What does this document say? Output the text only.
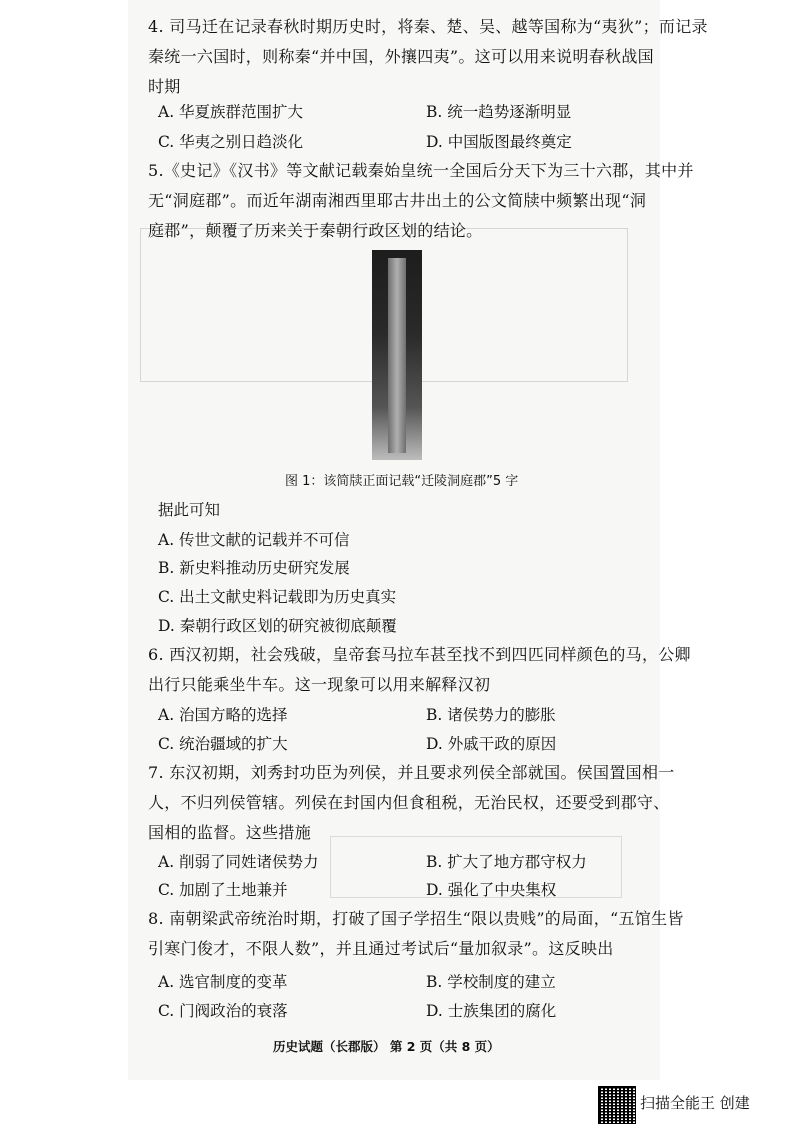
4. 司马迁在记录春秋时期历史时，将秦、楚、吴、越等国称为“夷狄”；而记录
秦统一六国时，则称秦“并中国，外攘四夷”。这可以用来说明春秋战国
时期
A. 华夏族群范围扩大	B. 统一趋势逐渐明显
C. 华夷之别日趋淡化	D. 中国版图最终奠定
5.《史记》《汉书》等文献记载秦始皇统一全国后分天下为三十六郡，其中并
无“洞庭郡”。而近年湖南湘西里耶古井出土的公文简牍中频繁出现“洞
庭郡”，颠覆了历来关于秦朝行政区划的结论。
图 1：该简牍正面记载“迁陵洞庭郡”5 字
据此可知
A. 传世文献的记载并不可信
B. 新史料推动历史研究发展
C. 出土文献史料记载即为历史真实
D. 秦朝行政区划的研究被彻底颠覆
6. 西汉初期，社会残破，皇帝套马拉车甚至找不到四匹同样颜色的马，公卿
出行只能乘坐牛车。这一现象可以用来解释汉初
A. 治国方略的选择	B. 诸侯势力的膨胀
C. 统治疆域的扩大	D. 外戚干政的原因
7. 东汉初期，刘秀封功臣为列侯，并且要求列侯全部就国。侯国置国相一
人，不归列侯管辖。列侯在封国内但食租税，无治民权，还要受到郡守、
国相的监督。这些措施
A. 削弱了同姓诸侯势力	B. 扩大了地方郡守权力
C. 加剧了土地兼并	D. 强化了中央集权
8. 南朝梁武帝统治时期，打破了国子学招生“限以贵贱”的局面，“五馆生皆
引寒门俊才，不限人数”，并且通过考试后“量加叙录”。这反映出
A. 选官制度的变革	B. 学校制度的建立
C. 门阀政治的衰落	D. 士族集团的腐化
历史试题（长郡版） 第 2 页（共 8 页）
扫描全能王 创建
